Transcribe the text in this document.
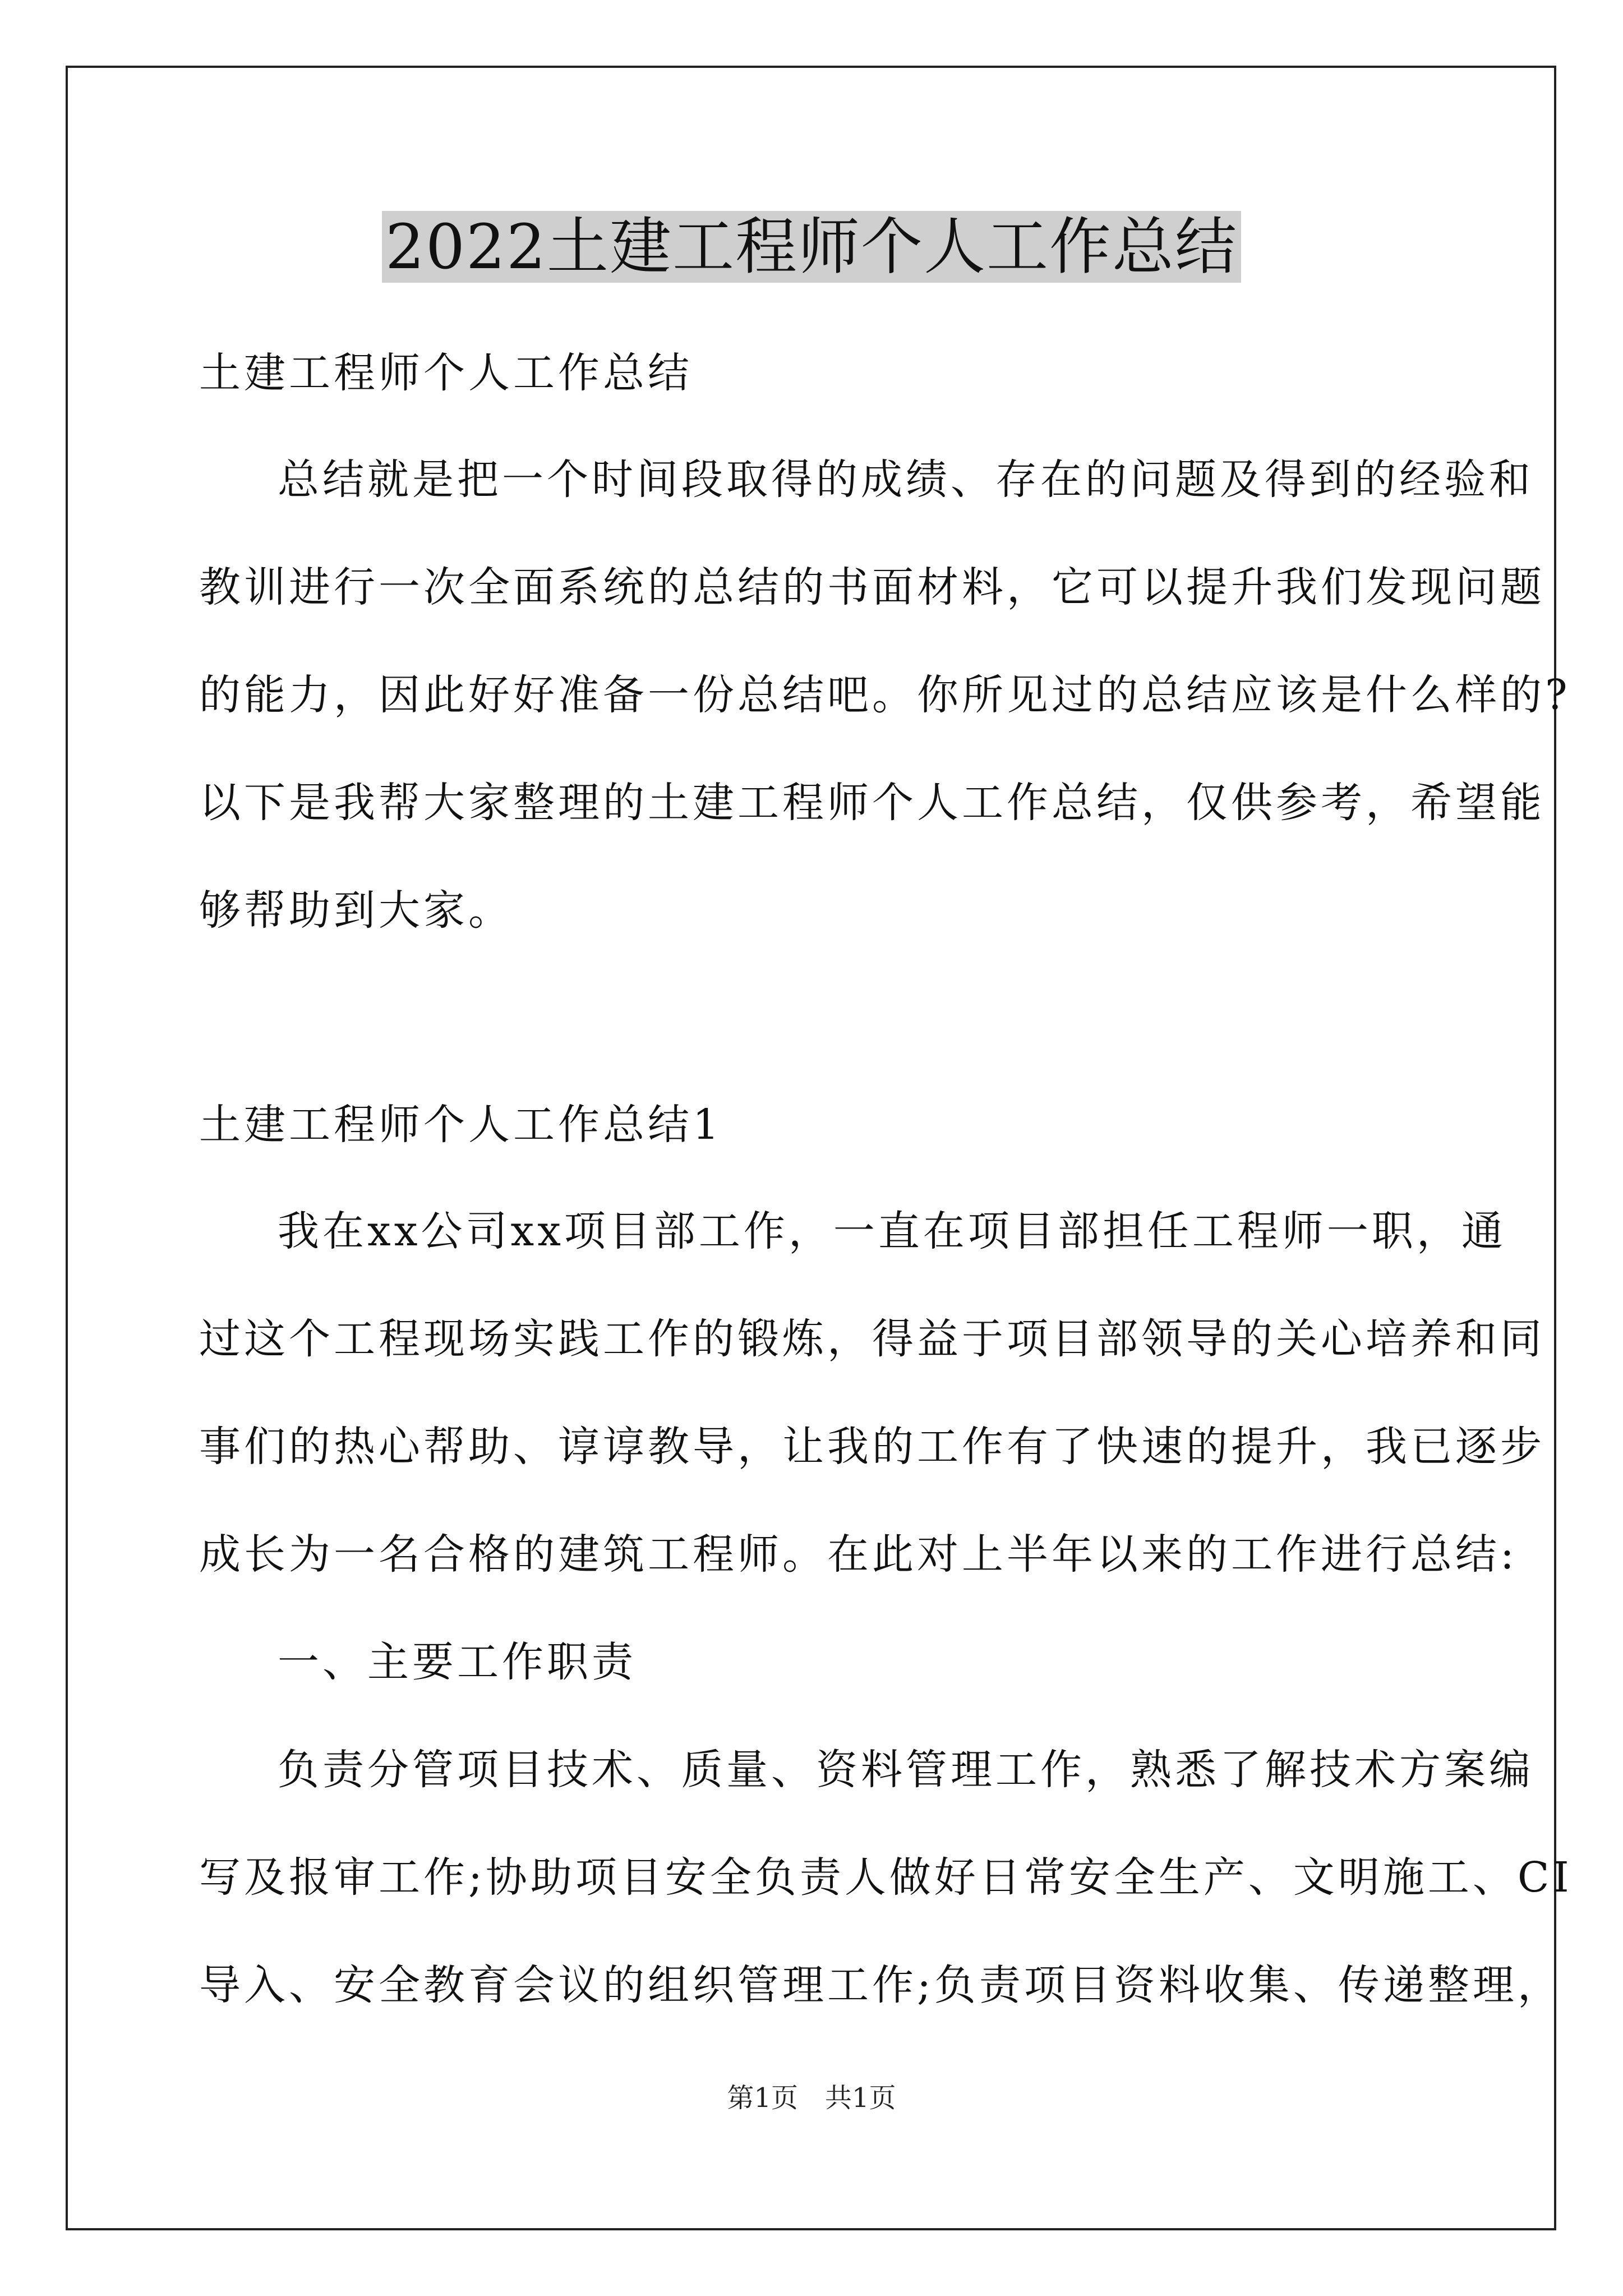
2022土建工程师个人工作总结
土建工程师个人工作总结
总结就是把一个时间段取得的成绩、存在的问题及得到的经验和
教训进行一次全面系统的总结的书面材料，它可以提升我们发现问题
的能力，因此好好准备一份总结吧。你所见过的总结应该是什么样的?
以下是我帮大家整理的土建工程师个人工作总结，仅供参考，希望能
够帮助到大家。
土建工程师个人工作总结1
我在xx公司xx项目部工作，一直在项目部担任工程师一职，通
过这个工程现场实践工作的锻炼，得益于项目部领导的关心培养和同
事们的热心帮助、谆谆教导，让我的工作有了快速的提升，我已逐步
成长为一名合格的建筑工程师。在此对上半年以来的工作进行总结:
一、主要工作职责
负责分管项目技术、质量、资料管理工作，熟悉了解技术方案编
写及报审工作;协助项目安全负责人做好日常安全生产、文明施工、CI
导入、安全教育会议的组织管理工作;负责项目资料收集、传递整理，
第1页　共1页
